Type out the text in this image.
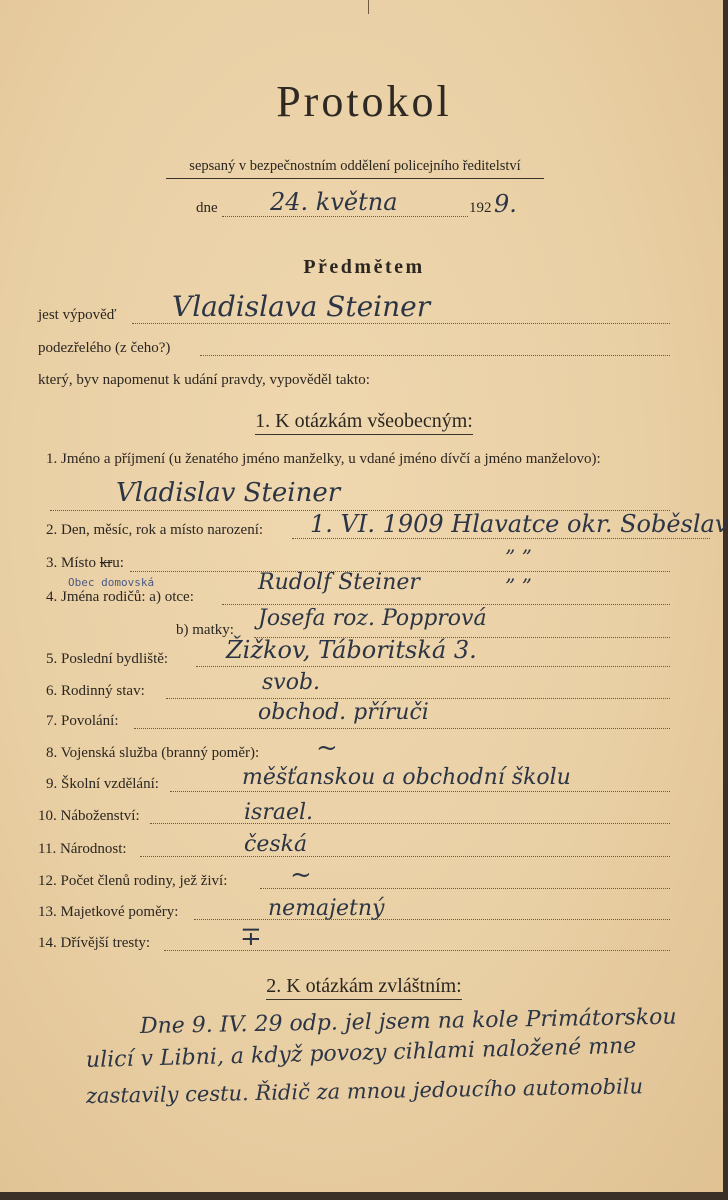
Protokol
sepsaný v bezpečnostním oddělení policejního ředitelství
dne 24. května	192 9.
Předmětem
jest výpověď Vladislava Steiner
podezřelého (z čeho?)
který, byv napomenut k udání pravdy, vypověděl takto:
1. K otázkám všeobecným:
1. Jméno a příjmení (u ženatého jméno manželky, u vdané jméno dívčí a jméno manželovo):
Vladislav Steiner
2. Den, měsíc, rok a místo narození: 1. VI. 1909 Hlavatce okr. Soběslav
3. Místo kru:
Obec domovská
” ”
4. Jména rodičů: a) otce:
Rudolf Steiner	” ”
b) matky: Josefa roz. Popprová
5. Poslední bydliště: Žižkov, Táboritská 3.
6. Rodinný stav:	svob.
7. Povolání:	obchod. příruči
8. Vojenská služba (branný poměr): ~
9. Školní vzdělání:	měšťanskou a obchodní školu
10. Náboženství:	israel.
11. Národnost:	česká
12. Počet členů rodiny, jež živí: ~
13. Majetkové poměry:	nemajetný
14. Dřívější tresty:	∓
2. K otázkám zvláštním:
Dne 9. IV. 29 odp. jel jsem na kole Primátorskou
ulicí v Libni, a když povozy cihlami naložené mne
zastavily cestu. Řidič za mnou jedoucího automobilu
